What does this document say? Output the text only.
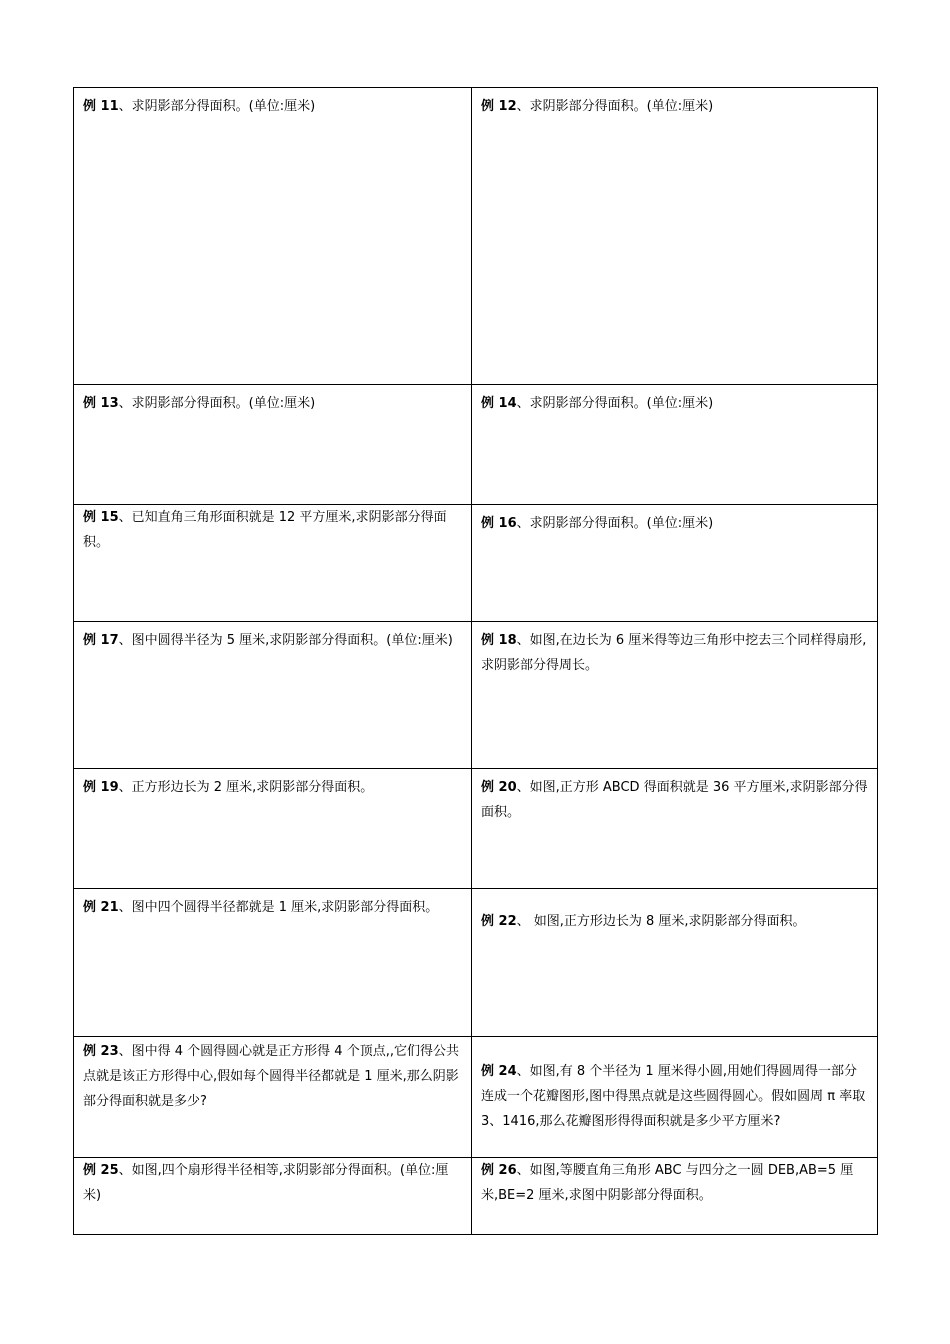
例 11、求阴影部分得面积。(单位:厘米)	例 12、求阴影部分得面积。(单位:厘米)
例 13、求阴影部分得面积。(单位:厘米)	例 14、求阴影部分得面积。(单位:厘米)
例 15、已知直角三角形面积就是 12 平方厘米,求阴影部分得面积。	例 16、求阴影部分得面积。(单位:厘米)
例 17、图中圆得半径为 5 厘米,求阴影部分得面积。(单位:厘米)	例 18、如图,在边长为 6 厘米得等边三角形中挖去三个同样得扇形,求阴影部分得周长。
例 19、正方形边长为 2 厘米,求阴影部分得面积。	例 20、如图,正方形 ABCD 得面积就是 36 平方厘米,求阴影部分得面积。
例 21、图中四个圆得半径都就是 1 厘米,求阴影部分得面积。	例 22、 如图,正方形边长为 8 厘米,求阴影部分得面积。
例 23、图中得 4 个圆得圆心就是正方形得 4 个顶点,,它们得公共点就是该正方形得中心,假如每个圆得半径都就是 1 厘米,那么阴影部分得面积就是多少?	例 24、如图,有 8 个半径为 1 厘米得小圆,用她们得圆周得一部分连成一个花瓣图形,图中得黑点就是这些圆得圆心。假如圆周 π 率取 3、1416,那么花瓣图形得得面积就是多少平方厘米?
例 25、如图,四个扇形得半径相等,求阴影部分得面积。(单位:厘米)	例 26、如图,等腰直角三角形 ABC 与四分之一圆 DEB,AB=5 厘米,BE=2 厘米,求图中阴影部分得面积。
